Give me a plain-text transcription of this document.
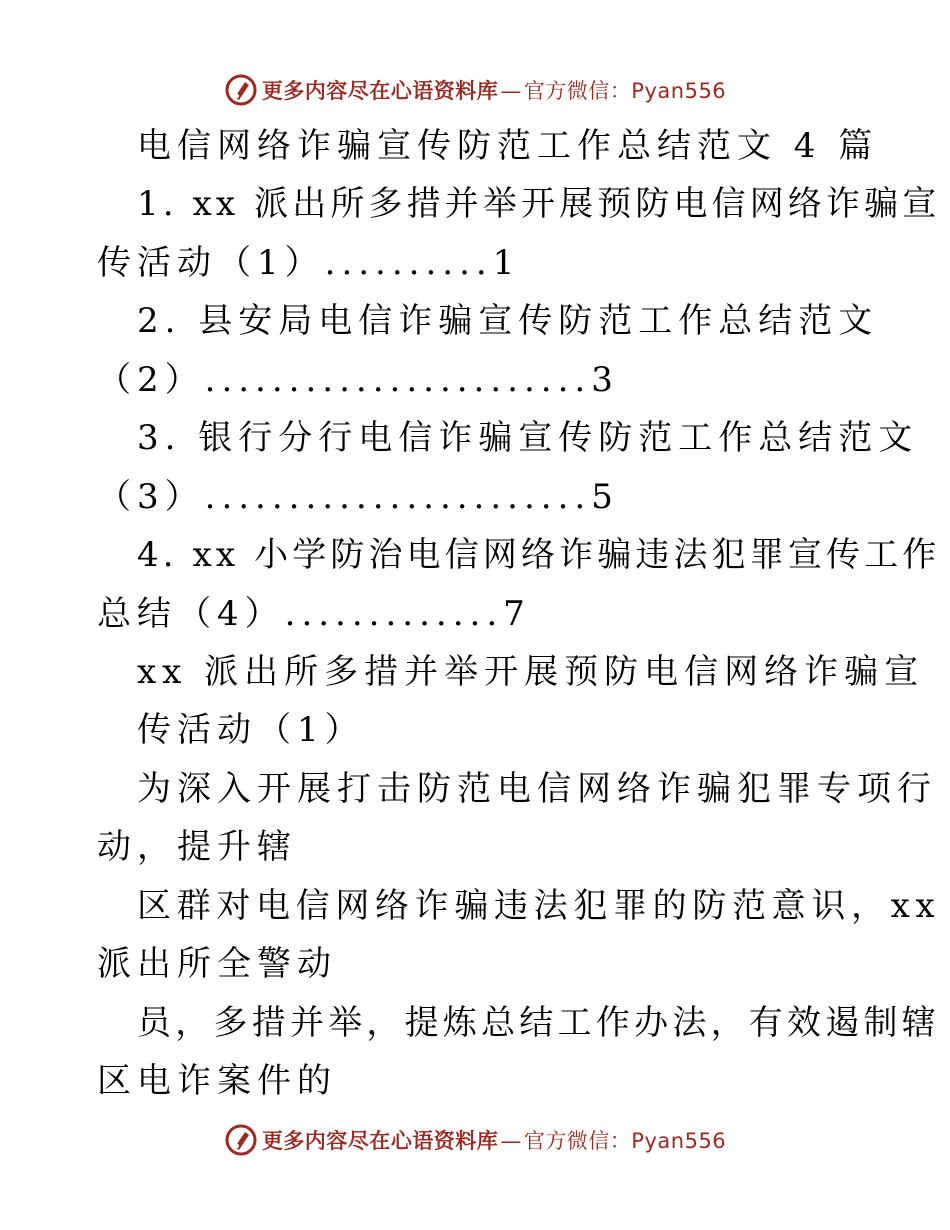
更多内容尽在心语资料库—官方微信：Pyan556
电信网络诈骗宣传防范工作总结范文 4 篇
1. xx 派出所多措并举开展预防电信网络诈骗宣
传活动（1）..........1
2. 县安局电信诈骗宣传防范工作总结范文
（2）.......................3
3. 银行分行电信诈骗宣传防范工作总结范文
（3）.......................5
4. xx 小学防治电信网络诈骗违法犯罪宣传工作
总结（4）.............7
xx 派出所多措并举开展预防电信网络诈骗宣
传活动（1）
为深入开展打击防范电信网络诈骗犯罪专项行
动，提升辖
区群对电信网络诈骗违法犯罪的防范意识，xx
派出所全警动
员，多措并举，提炼总结工作办法，有效遏制辖
区电诈案件的
更多内容尽在心语资料库—官方微信：Pyan556
